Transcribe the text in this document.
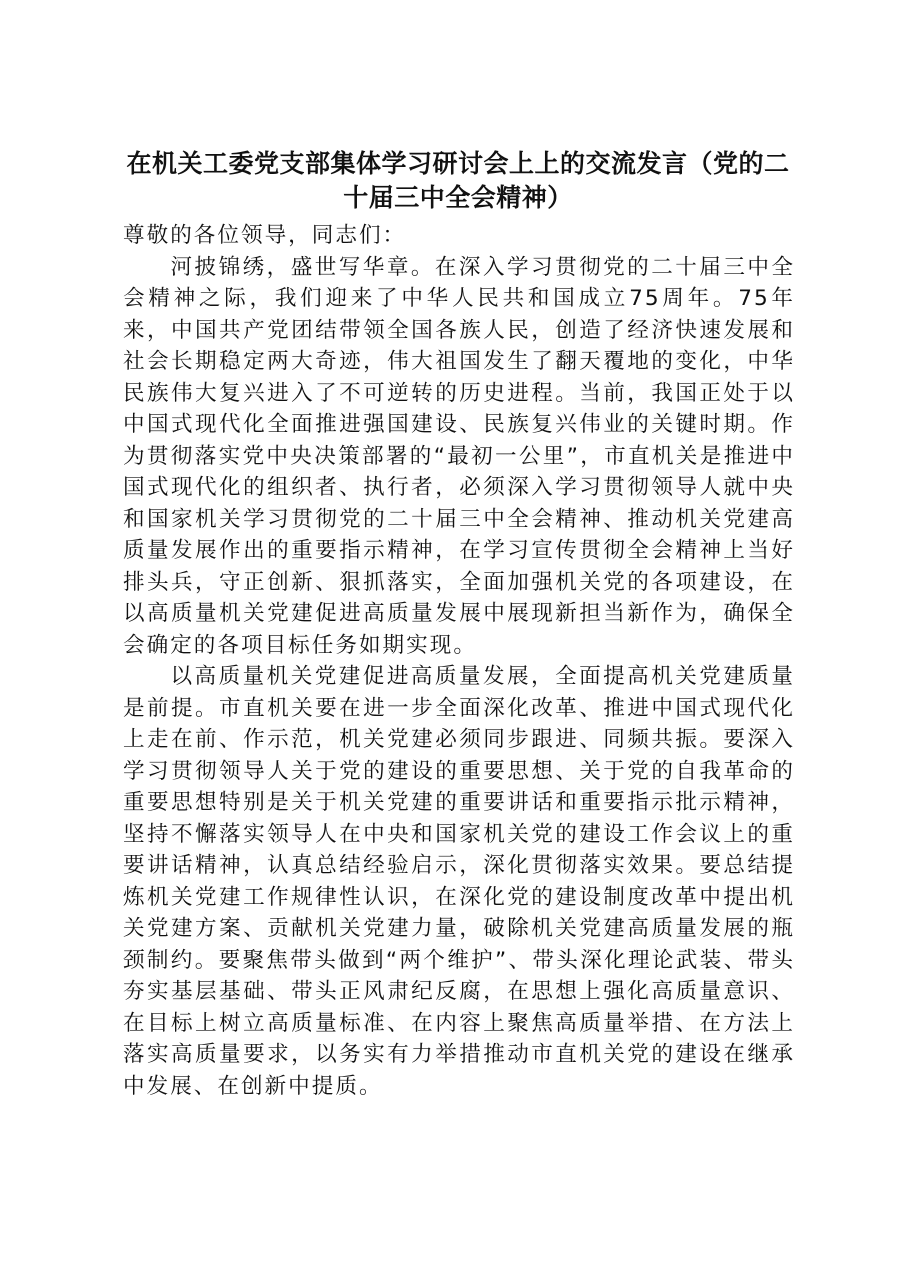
在机关工委党支部集体学习研讨会上上的交流发言（党的二十届三中全会精神）

尊敬的各位领导，同志们：

河披锦绣，盛世写华章。在深入学习贯彻党的二十届三中全会精神之际，我们迎来了中华人民共和国成立75周年。75年来，中国共产党团结带领全国各族人民，创造了经济快速发展和社会长期稳定两大奇迹，伟大祖国发生了翻天覆地的变化，中华民族伟大复兴进入了不可逆转的历史进程。当前，我国正处于以中国式现代化全面推进强国建设、民族复兴伟业的关键时期。作为贯彻落实党中央决策部署的“最初一公里”，市直机关是推进中国式现代化的组织者、执行者，必须深入学习贯彻领导人就中央和国家机关学习贯彻党的二十届三中全会精神、推动机关党建高质量发展作出的重要指示精神，在学习宣传贯彻全会精神上当好排头兵，守正创新、狠抓落实，全面加强机关党的各项建设，在以高质量机关党建促进高质量发展中展现新担当新作为，确保全会确定的各项目标任务如期实现。

以高质量机关党建促进高质量发展，全面提高机关党建质量是前提。市直机关要在进一步全面深化改革、推进中国式现代化上走在前、作示范，机关党建必须同步跟进、同频共振。要深入学习贯彻领导人关于党的建设的重要思想、关于党的自我革命的重要思想特别是关于机关党建的重要讲话和重要指示批示精神，坚持不懈落实领导人在中央和国家机关党的建设工作会议上的重要讲话精神，认真总结经验启示，深化贯彻落实效果。要总结提炼机关党建工作规律性认识，在深化党的建设制度改革中提出机关党建方案、贡献机关党建力量，破除机关党建高质量发展的瓶颈制约。要聚焦带头做到“两个维护”、带头深化理论武装、带头夯实基层基础、带头正风肃纪反腐，在思想上强化高质量意识、在目标上树立高质量标准、在内容上聚焦高质量举措、在方法上落实高质量要求，以务实有力举措推动市直机关党的建设在继承中发展、在创新中提质。
